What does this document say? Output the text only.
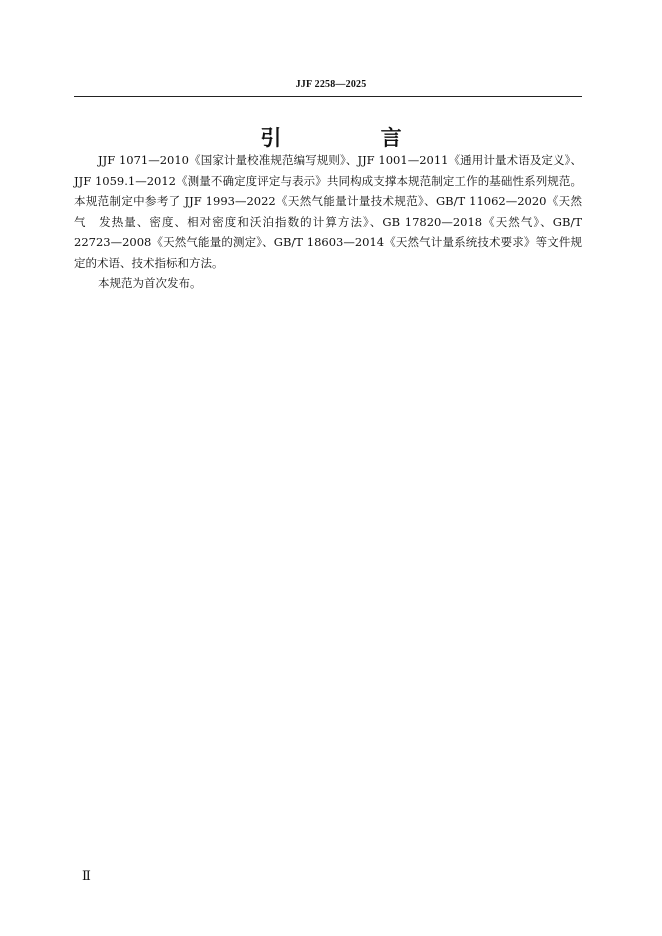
JJF 2258—2025
引 言

JJF 1071—2010《国家计量校准规范编写规则》、JJF 1001—2011《通用计量术语及定义》、JJF 1059.1—2012《测量不确定度评定与表示》共同构成支撑本规范制定工作的基础性系列规范。本规范制定中参考了 JJF 1993—2022《天然气能量计量技术规范》、GB/T 11062—2020《天然气　发热量、密度、相对密度和沃泊指数的计算方法》、GB 17820—2018《天然气》、GB/T 22723—2008《天然气能量的测定》、GB/T 18603—2014《天然气计量系统技术要求》等文件规定的术语、技术指标和方法。

本规范为首次发布。

Ⅱ
